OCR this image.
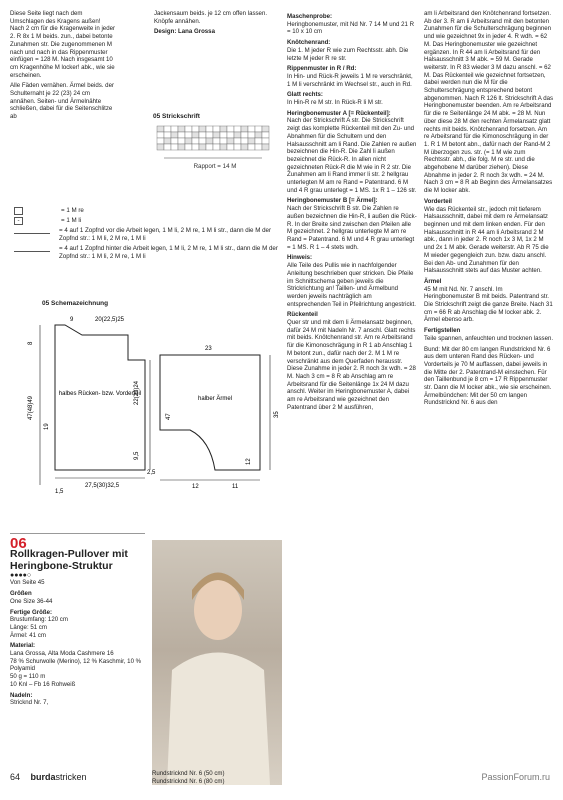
Diese Seite liegt nach dem Umschlagen des Kragens außen! Nach 2 cm für die Kragenweite in jeder 2. R 8x 1 M beids. zun., dabei betonte Zunahmen str. Die zugenommenen M nach und nach in das Rippenmuster einfügen = 128 M. Nach insgesamt 10 cm Kragenhöhe M locker! abk., wie sie erscheinen.

Alle Fäden vernähen. Ärmel beids. der Schulternaht je 22 (23) 24 cm annähen. Seiten- und Ärmelnähte schließen, dabei für die Seitenschlitze ab

Jackensaum beids. je 12 cm offen lassen. Knöpfe annähen.

Design: Lana Grossa

05 Strickschrift
Rapport = 14 M
= 1 M re
-	= 1 M li
= 4 auf 1 Zopfnd vor die Arbeit legen, 1 M li, 2 M re, 1 M li str., dann die M der Zopfnd str.: 1 M li, 2 M re, 1 M li
= 4 auf 1 Zopfnd hinter die Arbeit legen, 1 M li, 2 M re, 1 M li str., dann die M der Zopfnd str.: 1 M li, 2 M re, 1 M li
05 Schemazeichnung
halbes Rücken- bzw. Vorderteil
halber Ärmel
9	20(22,5)25
8
19
47(48)49
22(23)24
9,5
2,5
27,5(30)32,5
1,5
23
47	35
12
12	11
06
Rollkragen-Pullover mit Heringbone-Struktur
●●●●○
Von Seite 45
Größen
One Size 36-44
Fertige Größe:
Brustumfang: 120 cm
Länge: 51 cm
Ärmel: 41 cm
Material:
Lana Grossa, Alta Moda Cashmere 16
78 % Schurwolle (Merino), 12 % Kaschmir, 10 % Polyamid
50 g = 110 m
10 Knl – Fb 16 Rohweiß
Nadeln:
Stricknd Nr. 7,
Rundstricknd Nr. 6 (50 cm)
Rundstricknd Nr. 6 (80 cm)
Maschenprobe:

Heringbonemuster, mit Nd Nr. 7 14 M und 21 R = 10 x 10 cm

Knötchenrand:

Die 1. M jeder R wie zum Rechtsstr. abh. Die letzte M jeder R re str.

Rippenmuster in R / Rd:

In Hin- und Rück-R jeweils 1 M re verschränkt, 1 M li verschränkt im Wechsel str., auch in Rd.

Glatt rechts:

In Hin-R re M str. In Rück-R li M str.

Heringbonemuster A [= Rückenteil]:

Nach der Strickschrift A str. Die Strickschrift zeigt das komplette Rückenteil mit den Zu- und Abnahmen für die Schultern und den Halsausschnitt am li Rand. Die Zahlen re außen bezeichnen die Hin-R. Die Zahl li außen bezeichnet die Rück-R. In allen nicht gezeichneten Rück-R die M wie in R 2 str. Die Zunahmen am li Rand immer li str. 2 hellgrau unterlegten M am re Rand = Patentrand. 6 M und 4 R grau unterlegt = 1 MS. 1x R 1 – 126 str.

Heringbonemuster B [= Ärmel]:

Nach der Strickschrift B str. Die Zahlen re außen bezeichnen die Hin-R, li außen die Rück-R. In der Breite sind zwischen den Pfeilen alle M gezeichnet. 2 hellgrau unterlegte M am re Rand = Patentrand. 6 M und 4 R grau unterlegt = 1 MS. R 1 – 4 stets wdh.

Hinweis:

Alle Teile des Pullis wie in nachfolgender Anleitung beschrieben quer stricken. Die Pfeile im Schnittschema geben jeweils die Strickrichtung an! Taillen- und Ärmelbund werden jeweils nachträglich am entsprechenden Teil in Pfeilrichtung angestrickt.

Rückenteil

Quer str und mit dem li Ärmelansatz beginnen, dafür 24 M mit Nadeln Nr. 7 anschl. Glatt rechts mit beids. Knötchenrand str. Am re Arbeitsrand für die Kimonoschrägung in R 1 ab Anschlag 1 M betont zun., dafür nach der 2. M 1 M re verschränkt aus dem Querfaden herausstr. Diese Zunahme in jeder 2. R noch 3x wdh. = 28 M. Nach 3 cm = 8 R ab Anschlag am re Arbeitsrand für die Seitenlänge 1x 24 M dazu anschl. Weiter im Heringbonemuster A, dabei am re Arbeitsrand wie gezeichnet den Patentrand über 2 M ausführen,

am li Arbeitsrand den Knötchenrand fortsetzen. Ab der 3. R am li Arbeitsrand mit den betonten Zunahmen für die Schulterschrägung beginnen und wie gezeichnet 9x in jeder 4. R wdh. = 62 M. Das Heringbonemuster wie gezeichnet ergänzen. In R 44 am li Arbeitsrand für den Halsausschnitt 3 M abk. = 59 M. Gerade weiterstr. In R 83 wieder 3 M dazu anschl. = 62 M. Das Rückenteil wie gezeichnet fortsetzen, dabei werden nun die M für die Schulterschrägung entsprechend betont abgenommen. Nach R 126 lt. Strickschrift A das Heringbonemuster beenden. Am re Arbeitsrand für die re Seitenlänge 24 M abk. = 28 M. Nun über diese 28 M den rechten Ärmelansatz glatt rechts mit beids. Knötchenrand forsetzen. Am re Arbeitsrand für die Kimonoschrägung in der 1. R 1 M betont abn., dafür nach der Rand-M 2 M überzogen zus. str. (= 1 M wie zum Rechtsstr. abh., die folg. M re str. und die abgehobene M darüber ziehen). Diese Abnahme in jeder 2. R noch 3x wdh. = 24 M. Nach 3 cm = 8 R ab Beginn des Ärmelansatzes die M locker abk.

Vorderteil

Wie das Rückenteil str., jedoch mit tieferem Halsausschnitt, dabei mit dem re Ärmelansatz beginnen und mit dem linken enden. Für den Halsausschnitt in R 44 am li Arbeitsrand 2 M abk., dann in jeder 2. R noch 1x 3 M, 1x 2 M und 2x 1 M abk. Gerade weiterstr. Ab R 75 die M wieder gegengleich zun. bzw. dazu anschl. Bei den Ab- und Zunahmen für den Halsausschnitt stets auf das Muster achten.

Ärmel

45 M mit Nd. Nr. 7 anschl. Im Heringbonemuster B mit beids. Patentrand str. Die Strickschrift zeigt die ganze Breite. Nach 31 cm = 66 R ab Anschlag die M locker abk. 2. Ärmel ebenso arb.

Fertigstellen

Teile spannen, anfeuchten und trocknen lassen.

Bund: Mit der 80 cm langen Rundstricknd Nr. 6 aus dem unteren Rand des Rücken- und Vorderteils je 70 M auffassen, dabei jeweils in die Mitte der 2. Patentrand-M einstechen. Für den Taillenbund je 8 cm = 17 R Rippenmuster str. Dann die M locker abk., wie sie erscheinen. Ärmelbündchen: Mit der 50 cm langen Rundstricknd Nr. 6 aus den

64 burdastricken	PassionForum.ru
